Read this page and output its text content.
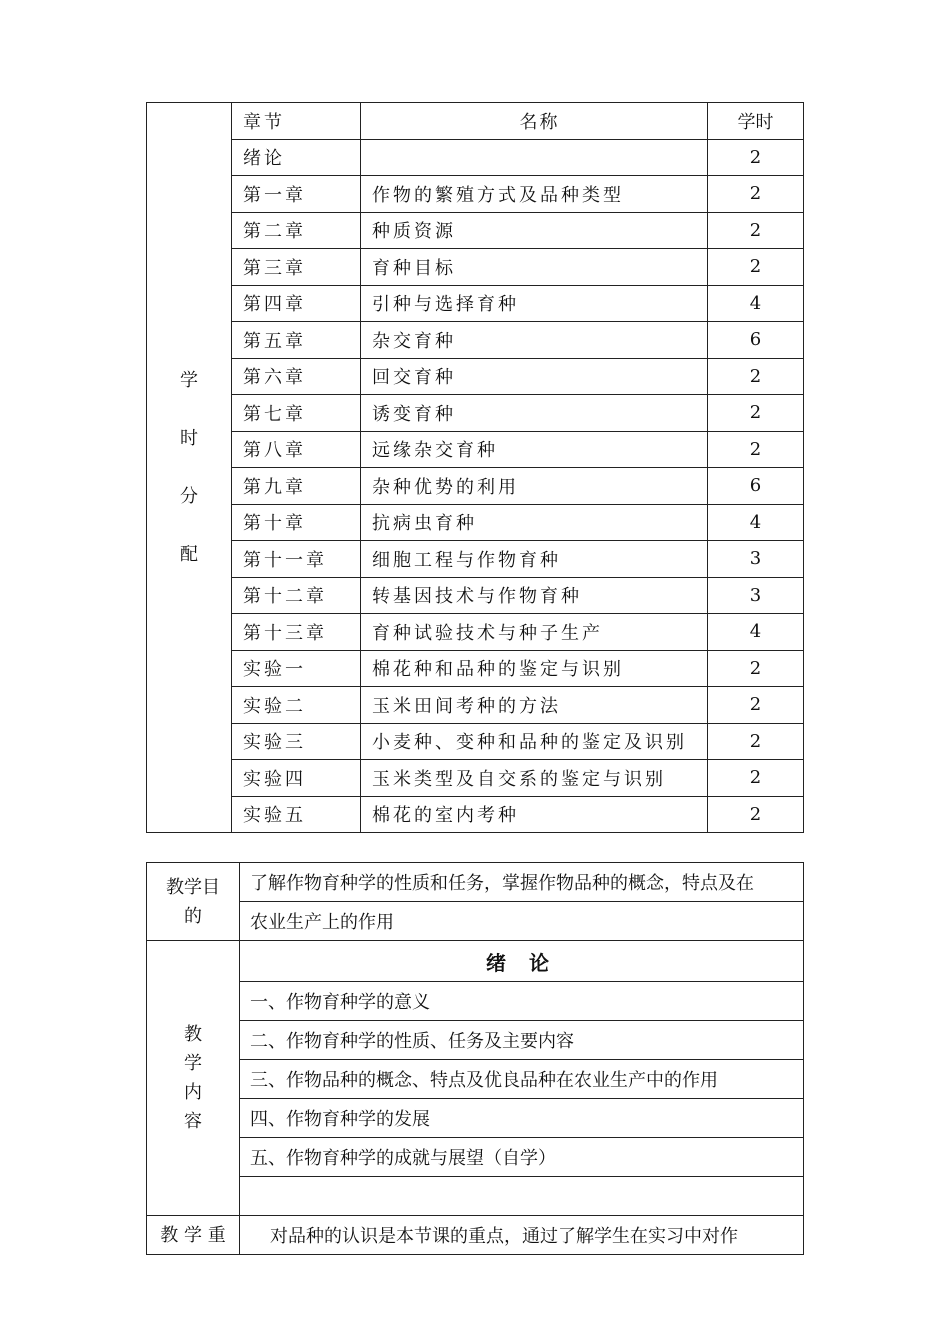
学
时
分
配	章节	名称	学时
	绪论		2
	第一章	作物的繁殖方式及品种类型	2
	第二章	种质资源	2
	第三章	育种目标	2
	第四章	引种与选择育种	4
	第五章	杂交育种	6
	第六章	回交育种	2
	第七章	诱变育种	2
	第八章	远缘杂交育种	2
	第九章	杂种优势的利用	6
	第十章	抗病虫育种	4
	第十一章	细胞工程与作物育种	3
	第十二章	转基因技术与作物育种	3
	第十三章	育种试验技术与种子生产	4
	实验一	棉花种和品种的鉴定与识别	2
	实验二	玉米田间考种的方法	2
	实验三	小麦种、变种和品种的鉴定及识别	2
	实验四	玉米类型及自交系的鉴定与识别	2
	实验五	棉花的室内考种	2
教学目
的	了解作物育种学的性质和任务，掌握作物品种的概念，特点及在
	农业生产上的作用

教
学
内
容	绪 论
	一、作物育种学的意义
	二、作物育种学的性质、任务及主要内容
	三、作物品种的概念、特点及优良品种在农业生产中的作用
	四、作物育种学的发展
	五、作物育种学的成就与展望（自学）

教 学 重	对品种的认识是本节课的重点，通过了解学生在实习中对作
